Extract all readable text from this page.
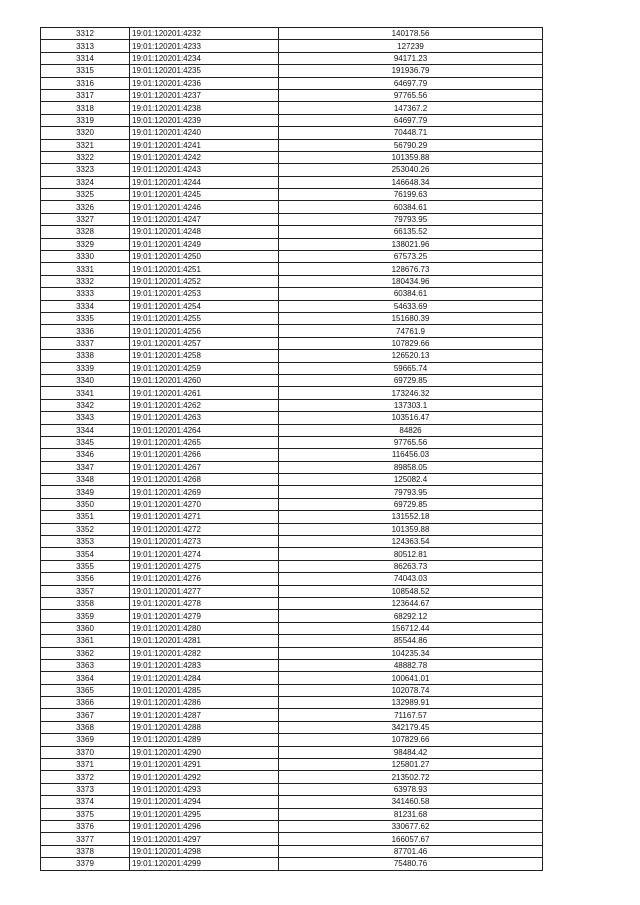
3312	19:01:120201:4232	140178.56
3313	19:01:120201:4233	127239
3314	19:01:120201:4234	94171.23
3315	19:01:120201:4235	191936.79
3316	19:01:120201:4236	64697.79
3317	19:01:120201:4237	97765.56
3318	19:01:120201:4238	147367.2
3319	19:01:120201:4239	64697.79
3320	19:01:120201:4240	70448.71
3321	19:01:120201:4241	56790.29
3322	19:01:120201:4242	101359.88
3323	19:01:120201:4243	253040.26
3324	19:01:120201:4244	146648.34
3325	19:01:120201:4245	76199.63
3326	19:01:120201:4246	60384.61
3327	19:01:120201:4247	79793.95
3328	19:01:120201:4248	66135.52
3329	19:01:120201:4249	138021.96
3330	19:01:120201:4250	67573.25
3331	19:01:120201:4251	128676.73
3332	19:01:120201:4252	180434.96
3333	19:01:120201:4253	60384.61
3334	19:01:120201:4254	54633.69
3335	19:01:120201:4255	151680.39
3336	19:01:120201:4256	74761.9
3337	19:01:120201:4257	107829.66
3338	19:01:120201:4258	126520.13
3339	19:01:120201:4259	59665.74
3340	19:01:120201:4260	69729.85
3341	19:01:120201:4261	173246.32
3342	19:01:120201:4262	137303.1
3343	19:01:120201:4263	103516.47
3344	19:01:120201:4264	84826
3345	19:01:120201:4265	97765.56
3346	19:01:120201:4266	116456.03
3347	19:01:120201:4267	89858.05
3348	19:01:120201:4268	125082.4
3349	19:01:120201:4269	79793.95
3350	19:01:120201:4270	69729.85
3351	19:01:120201:4271	131552.18
3352	19:01:120201:4272	101359.88
3353	19:01:120201:4273	124363.54
3354	19:01:120201:4274	80512.81
3355	19:01:120201:4275	86263.73
3356	19:01:120201:4276	74043.03
3357	19:01:120201:4277	108548.52
3358	19:01:120201:4278	123644.67
3359	19:01:120201:4279	68292.12
3360	19:01:120201:4280	156712.44
3361	19:01:120201:4281	85544.86
3362	19:01:120201:4282	104235.34
3363	19:01:120201:4283	48882.78
3364	19:01:120201:4284	100641.01
3365	19:01:120201:4285	102078.74
3366	19:01:120201:4286	132989.91
3367	19:01:120201:4287	71167.57
3368	19:01:120201:4288	342179.45
3369	19:01:120201:4289	107829.66
3370	19:01:120201:4290	98484.42
3371	19:01:120201:4291	125801.27
3372	19:01:120201:4292	213502.72
3373	19:01:120201:4293	63978.93
3374	19:01:120201:4294	341460.58
3375	19:01:120201:4295	81231.68
3376	19:01:120201:4296	330677.62
3377	19:01:120201:4297	166057.67
3378	19:01:120201:4298	87701.46
3379	19:01:120201:4299	75480.76
